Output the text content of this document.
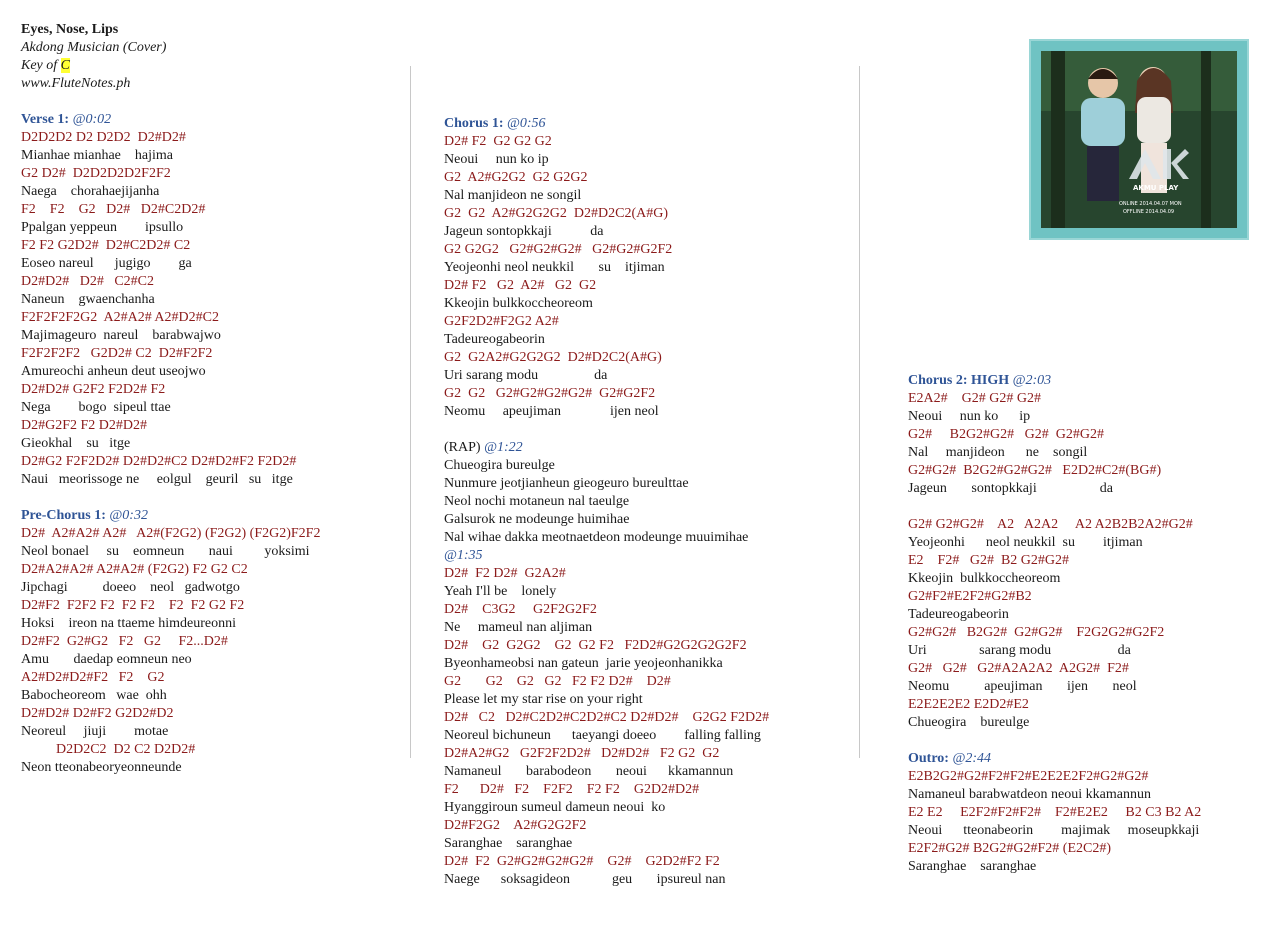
Eyes, Nose, Lips
Akdong Musician (Cover)
Key of C
www.FluteNotes.ph
Verse 1: @0:02
D2D2D2 D2 D2D2  D2#D2#
Mianhae mianhae    hajima
G2 D2#  D2D2D2D2F2F2
Naega    chorahaejijanha
F2    F2    G2   D2#   D2#C2D2#
Ppalgan yeppeun        ipsullo
F2 F2 G2D2#  D2#C2D2# C2
Eoseo nareul      jugigo        ga
D2#D2#   D2#   C2#C2
Naneun    gwaenchanha
F2F2F2F2G2  A2#A2# A2#D2#C2
Majimageuro  nareul    barabwajwo
F2F2F2F2   G2D2# C2  D2#F2F2
Amureochi anheun deut useojwo
D2#D2# G2F2 F2D2# F2
Nega        bogo  sipeul ttae
D2#G2F2 F2 D2#D2#
Gieokhal    su   itge
D2#G2 F2F2D2# D2#D2#C2 D2#D2#F2 F2D2#
Naui   meorissoge ne     eolgul    geuril   su   itge
Pre-Chorus 1: @0:32
D2#  A2#A2# A2#   A2#(F2G2) (F2G2) (F2G2)F2F2
Neol bonael     su    eomneun       naui         yoksimi
D2#A2#A2# A2#A2# (F2G2) F2 G2 C2
Jipchagi          doeeo    neol   gadwotgo
D2#F2  F2F2 F2  F2 F2    F2  F2 G2 F2
Hoksi    ireon na ttaeme himdeureonni
D2#F2  G2#G2   F2   G2     F2...D2#
Amu       daedap eomneun neo
A2#D2#D2#F2   F2    G2
Babocheoreom   wae  ohh
D2#D2# D2#F2 G2D2#D2
Neoreul     jiuji        motae
D2D2C2  D2 C2 D2D2#
Neon tteonabeoryeonneunde
Chorus 1: @0:56
D2# F2  G2 G2 G2
Neoui     nun ko ip
G2  A2#G2G2  G2 G2G2
Nal manjideon ne songil
G2  G2  A2#G2G2G2  D2#D2C2(A#G)
Jageun sontopkkaji           da
G2 G2G2   G2#G2#G2#   G2#G2#G2F2
Yeojeonhi neol neukkil       su    itjiman
D2# F2   G2  A2#   G2  G2
Kkeojin bulkkoccheoreom
G2F2D2#F2G2 A2#
Tadeureogabeorin
G2  G2A2#G2G2G2  D2#D2C2(A#G)
Uri sarang modu                da
G2  G2   G2#G2#G2#G2#  G2#G2F2
Neomu     apeujiman              ijen neol
(RAP) @1:22
Chueogira bureulge
Nunmure jeotjianheun gieogeuro bureulttae
Neol nochi motaneun nal taeulge
Galsurok ne modeunge huimihae
Nal wihae dakka meotnaetdeon modeunge muuimihae
@1:35
D2#  F2 D2#  G2A2#
Yeah I'll be    lonely
D2#    C3G2     G2F2G2F2
Ne     mameul nan aljiman
D2#    G2  G2G2    G2  G2 F2   F2D2#G2G2G2G2F2
Byeonhameobsi nan gateun  jarie yeojeonhanikka
G2       G2    G2   G2   F2 F2 D2#    D2#
Please let my star rise on your right
D2#   C2   D2#C2D2#C2D2#C2 D2#D2#    G2G2 F2D2#
Neoreul bichuneun      taeyangi doeeo        falling falling
D2#A2#G2   G2F2F2D2#   D2#D2#   F2 G2  G2
Namaneul       barabodeon       neoui      kkamannun
F2      D2#   F2    F2F2    F2 F2    G2D2#D2#
Hyanggiroun sumeul dameun neoui  ko
D2#F2G2    A2#G2G2F2
Saranghae    saranghae
D2#  F2  G2#G2#G2#G2#    G2#    G2D2#F2 F2
Naege      soksagideon            geu       ipsureul nan
AKMU PLAY
ONLINE 2014.04.07 MON
OFFLINE 2014.04.09
Chorus 2: HIGH @2:03
E2A2#    G2# G2# G2#
Neoui     nun ko      ip
G2#     B2G2#G2#   G2#  G2#G2#
Nal     manjideon      ne    songil
G2#G2#  B2G2#G2#G2#   E2D2#C2#(BG#)
Jageun       sontopkkaji                  da
G2# G2#G2#    A2   A2A2     A2 A2B2B2A2#G2#
Yeojeonhi      neol neukkil  su        itjiman
E2    F2#   G2#  B2 G2#G2#
Kkeojin  bulkkoccheoreom
G2#F2#E2F2#G2#B2
Tadeureogabeorin
G2#G2#   B2G2#  G2#G2#    F2G2G2#G2F2
Uri               sarang modu                   da
G2#   G2#   G2#A2A2A2  A2G2#  F2#
Neomu          apeujiman       ijen       neol
E2E2E2E2 E2D2#E2
Chueogira    bureulge
Outro: @2:44
E2B2G2#G2#F2#F2#E2E2E2F2#G2#G2#
Namaneul barabwatdeon neoui kkamannun
E2 E2     E2F2#F2#F2#    F2#E2E2     B2 C3 B2 A2
Neoui      tteonabeorin        majimak     moseupkkaji
E2F2#G2# B2G2#G2#F2# (E2C2#)
Saranghae    saranghae
